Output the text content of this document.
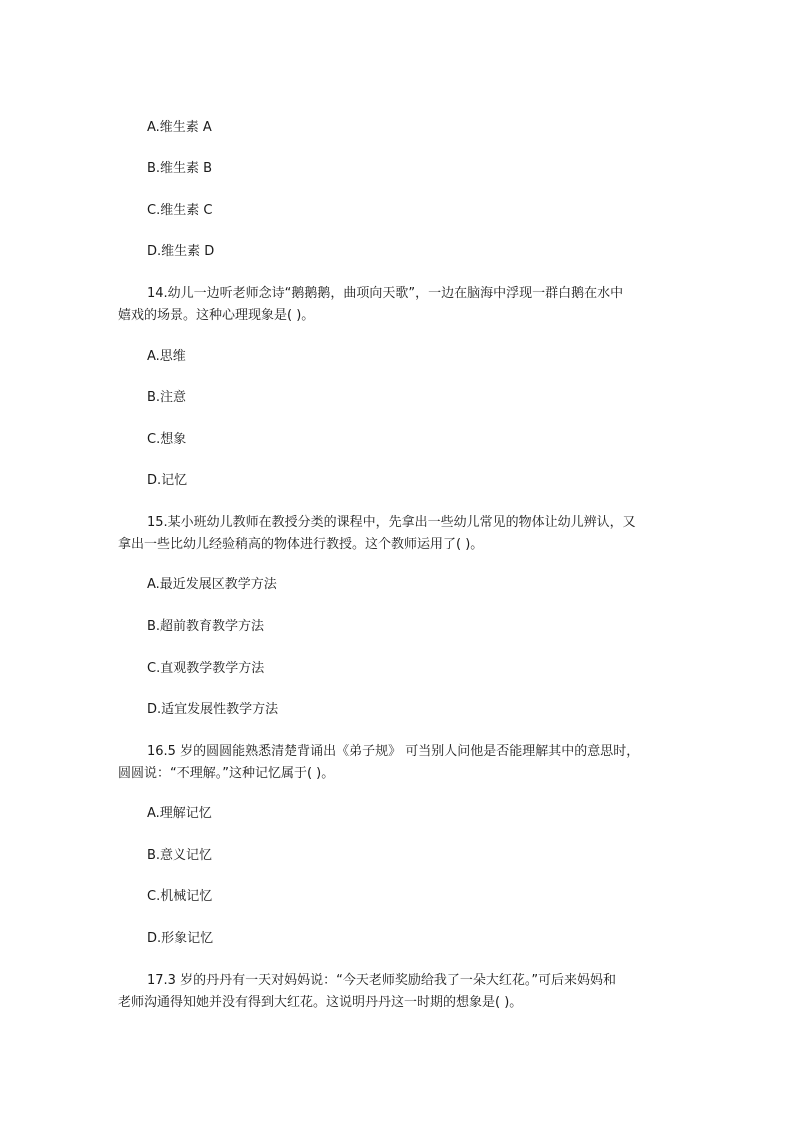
A.维生素 A
B.维生素 B
C.维生素 C
D.维生素 D
14.幼儿一边听老师念诗“鹅鹅鹅，曲项向天歌”，一边在脑海中浮现一群白鹅在水中
嬉戏的场景。这种心理现象是( )。
A.思维
B.注意
C.想象
D.记忆
15.某小班幼儿教师在教授分类的课程中，先拿出一些幼儿常见的物体让幼儿辨认，又
拿出一些比幼儿经验稍高的物体进行教授。这个教师运用了( )。
A.最近发展区教学方法
B.超前教育教学方法
C.直观教学教学方法
D.适宜发展性教学方法
16.5 岁的圆圆能熟悉清楚背诵出《弟子规》 可当别人问他是否能理解其中的意思时，
圆圆说：“不理解。”这种记忆属于( )。
A.理解记忆
B.意义记忆
C.机械记忆
D.形象记忆
17.3 岁的丹丹有一天对妈妈说：“今天老师奖励给我了一朵大红花。”可后来妈妈和
老师沟通得知她并没有得到大红花。这说明丹丹这一时期的想象是( )。
